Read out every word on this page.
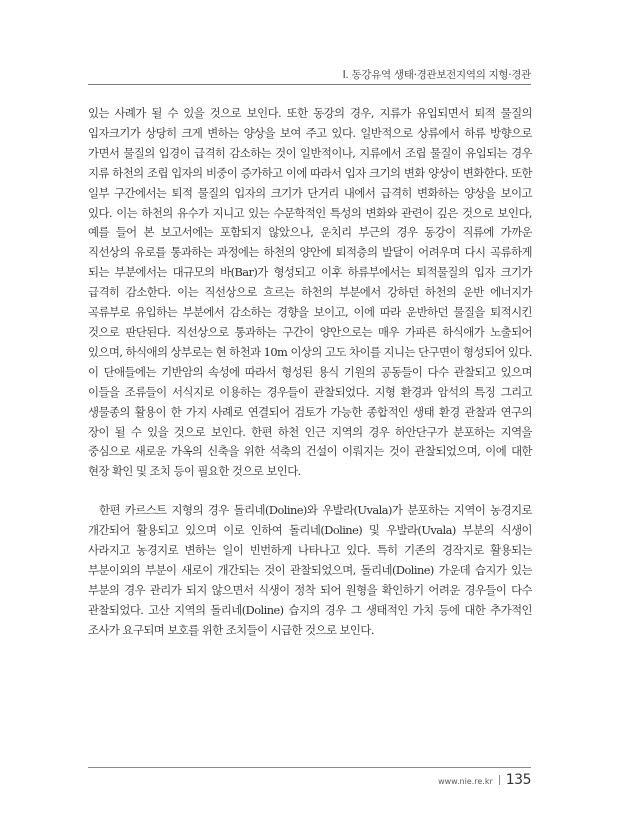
Ⅰ. 동강유역 생태·경관보전지역의 지형·경관

있는 사례가 될 수 있을 것으로 보인다. 또한 동강의 경우, 지류가 유입되면서 퇴적 물질의 입자크기가 상당히 크게 변하는 양상을 보여 주고 있다. 일반적으로 상류에서 하류 방향으로 가면서 물질의 입경이 급격히 감소하는 것이 일반적이나, 지류에서 조립 물질이 유입되는 경우 지류 하천의 조립 입자의 비중이 증가하고 이에 따라서 입자 크기의 변화 양상이 변화한다. 또한 일부 구간에서는 퇴적 물질의 입자의 크기가 단거리 내에서 급격히 변화하는 양상을 보이고 있다. 이는 하천의 유수가 지니고 있는 수문학적인 특성의 변화와 관련이 깊은 것으로 보인다, 예를 들어 본 보고서에는 포함되지 않았으나, 운치리 부근의 경우 동강이 직류에 가까운 직선상의 유로를 통과하는 과정에는 하천의 양안에 퇴적층의 발달이 어려우며 다시 곡류하게 되는 부분에서는 대규모의 바(Bar)가 형성되고 이후 하류부에서는 퇴적물질의 입자 크기가 급격히 감소한다. 이는 직선상으로 흐르는 하천의 부분에서 강하던 하천의 운반 에너지가 곡류부로 유입하는 부분에서 감소하는 경향을 보이고, 이에 따라 운반하던 물질을 퇴적시킨 것으로 판단된다. 직선상으로 통과하는 구간이 양안으로는 매우 가파른 하식애가 노출되어 있으며, 하식애의 상부로는 현 하천과 10m 이상의 고도 차이를 지니는 단구면이 형성되어 있다. 이 단애들에는 기반암의 속성에 따라서 형성된 용식 기원의 공동들이 다수 관찰되고 있으며 이들을 조류들이 서식지로 이용하는 경우들이 관찰되었다. 지형 환경과 암석의 특징 그리고 생물종의 활용이 한 가지 사례로 연결되어 검토가 가능한 종합적인 생태 환경 관찰과 연구의 장이 될 수 있을 것으로 보인다. 한편 하천 인근 지역의 경우 하안단구가 분포하는 지역을 중심으로 새로운 가옥의 신축을 위한 석축의 건설이 이뤄지는 것이 관찰되었으며, 이에 대한 현장 확인 및 조치 등이 필요한 것으로 보인다.

한편 카르스트 지형의 경우 돌리네(Doline)와 우발라(Uvala)가 분포하는 지역이 농경지로 개간되어 활용되고 있으며 이로 인하여 돌리네(Doline) 및 우발라(Uvala) 부분의 식생이 사라지고 농경지로 변하는 일이 빈번하게 나타나고 있다. 특히 기존의 경작지로 활용되는 부분이외의 부분이 새로이 개간되는 것이 관찰되었으며, 돌리네(Doline) 가운데 습지가 있는 부분의 경우 관리가 되지 않으면서 식생이 정착 되어 원형을 확인하기 어려운 경우들이 다수 관찰되었다. 고산 지역의 돌리네(Doline) 습지의 경우 그 생태적인 가치 등에 대한 추가적인 조사가 요구되며 보호를 위한 조치들이 시급한 것으로 보인다.

www.nie.re.kr 135
